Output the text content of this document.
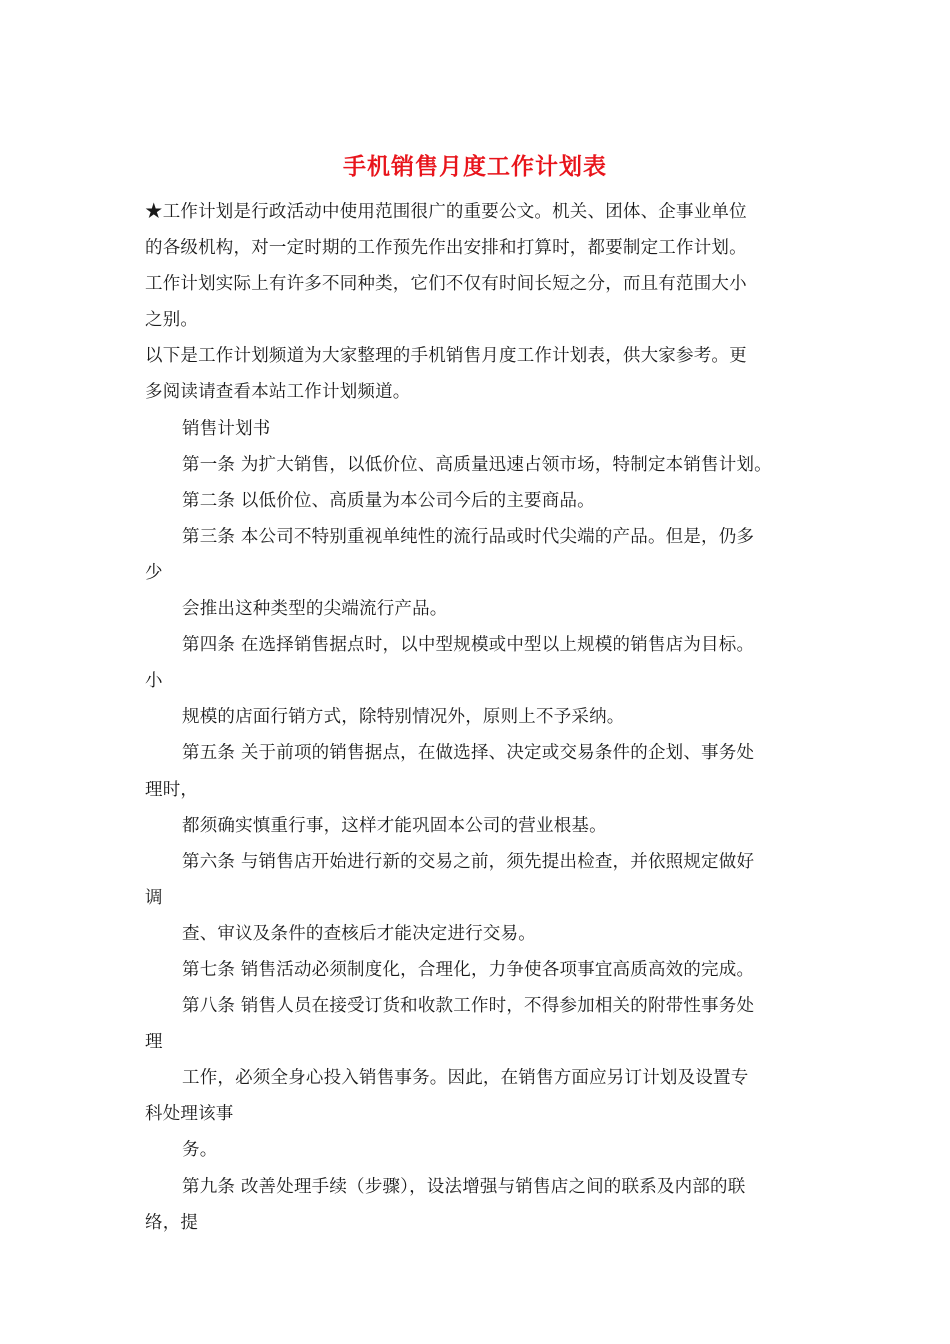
手机销售月度工作计划表
★工作计划是行政活动中使用范围很广的重要公文。机关、团体、企事业单位
的各级机构，对一定时期的工作预先作出安排和打算时，都要制定工作计划。
工作计划实际上有许多不同种类，它们不仅有时间长短之分，而且有范围大小
之别。
以下是工作计划频道为大家整理的手机销售月度工作计划表，供大家参考。更
多阅读请查看本站工作计划频道。
销售计划书
第一条 为扩大销售，以低价位、高质量迅速占领市场，特制定本销售计划。
第二条 以低价位、高质量为本公司今后的主要商品。
第三条 本公司不特别重视单纯性的流行品或时代尖端的产品。但是，仍多
少
会推出这种类型的尖端流行产品。
第四条 在选择销售据点时，以中型规模或中型以上规模的销售店为目标。
小
规模的店面行销方式，除特别情况外，原则上不予采纳。
第五条 关于前项的销售据点，在做选择、决定或交易条件的企划、事务处
理时，
都须确实慎重行事，这样才能巩固本公司的营业根基。
第六条 与销售店开始进行新的交易之前，须先提出检查，并依照规定做好
调
查、审议及条件的查核后才能决定进行交易。
第七条 销售活动必须制度化，合理化，力争使各项事宜高质高效的完成。
第八条 销售人员在接受订货和收款工作时，不得参加相关的附带性事务处
理
工作，必须全身心投入销售事务。因此，在销售方面应另订计划及设置专
科处理该事
务。
第九条 改善处理手续（步骤），设法增强与销售店之间的联系及内部的联
络，提
